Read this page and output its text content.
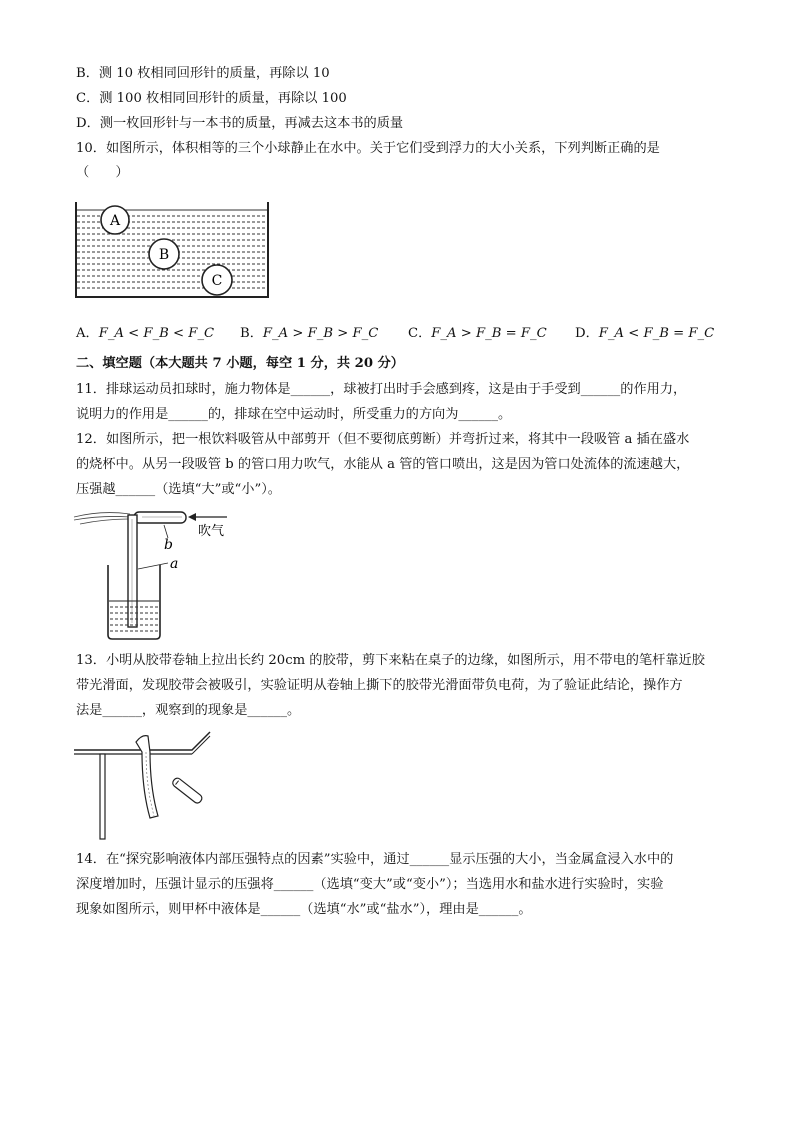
B．测 10 枚相同回形针的质量，再除以 10
C．测 100 枚相同回形针的质量，再除以 100
D．测一枚回形针与一本书的质量，再减去这本书的质量
10．如图所示，体积相等的三个小球静止在水中。关于它们受到浮力的大小关系，下列判断正确的是
（　　）
A
B
C
A．F_A < F_B < F_C B．F_A > F_B > F_C C．F_A > F_B = F_C D．F_A < F_B = F_C
二、填空题（本大题共 7 小题，每空 1 分，共 20 分）
11．排球运动员扣球时，施力物体是______，球被打出时手会感到疼，这是由于手受到______的作用力，
说明力的作用是______的，排球在空中运动时，所受重力的方向为______。
12．如图所示，把一根饮料吸管从中部剪开（但不要彻底剪断）并弯折过来，将其中一段吸管 a 插在盛水
的烧杯中。从另一段吸管 b 的管口用力吹气，水能从 a 管的管口喷出，这是因为管口处流体的流速越大，
压强越______（选填“大”或“小”）。
吹气
b
a
13．小明从胶带卷轴上拉出长约 20cm 的胶带，剪下来粘在桌子的边缘，如图所示，用不带电的笔杆靠近胶
带光滑面，发现胶带会被吸引，实验证明从卷轴上撕下的胶带光滑面带负电荷，为了验证此结论，操作方
法是______，观察到的现象是______。
14．在“探究影响液体内部压强特点的因素”实验中，通过______显示压强的大小，当金属盒浸入水中的
深度增加时，压强计显示的压强将______（选填“变大”或“变小”）；当选用水和盐水进行实验时，实验
现象如图所示，则甲杯中液体是______（选填“水”或“盐水”），理由是______。
